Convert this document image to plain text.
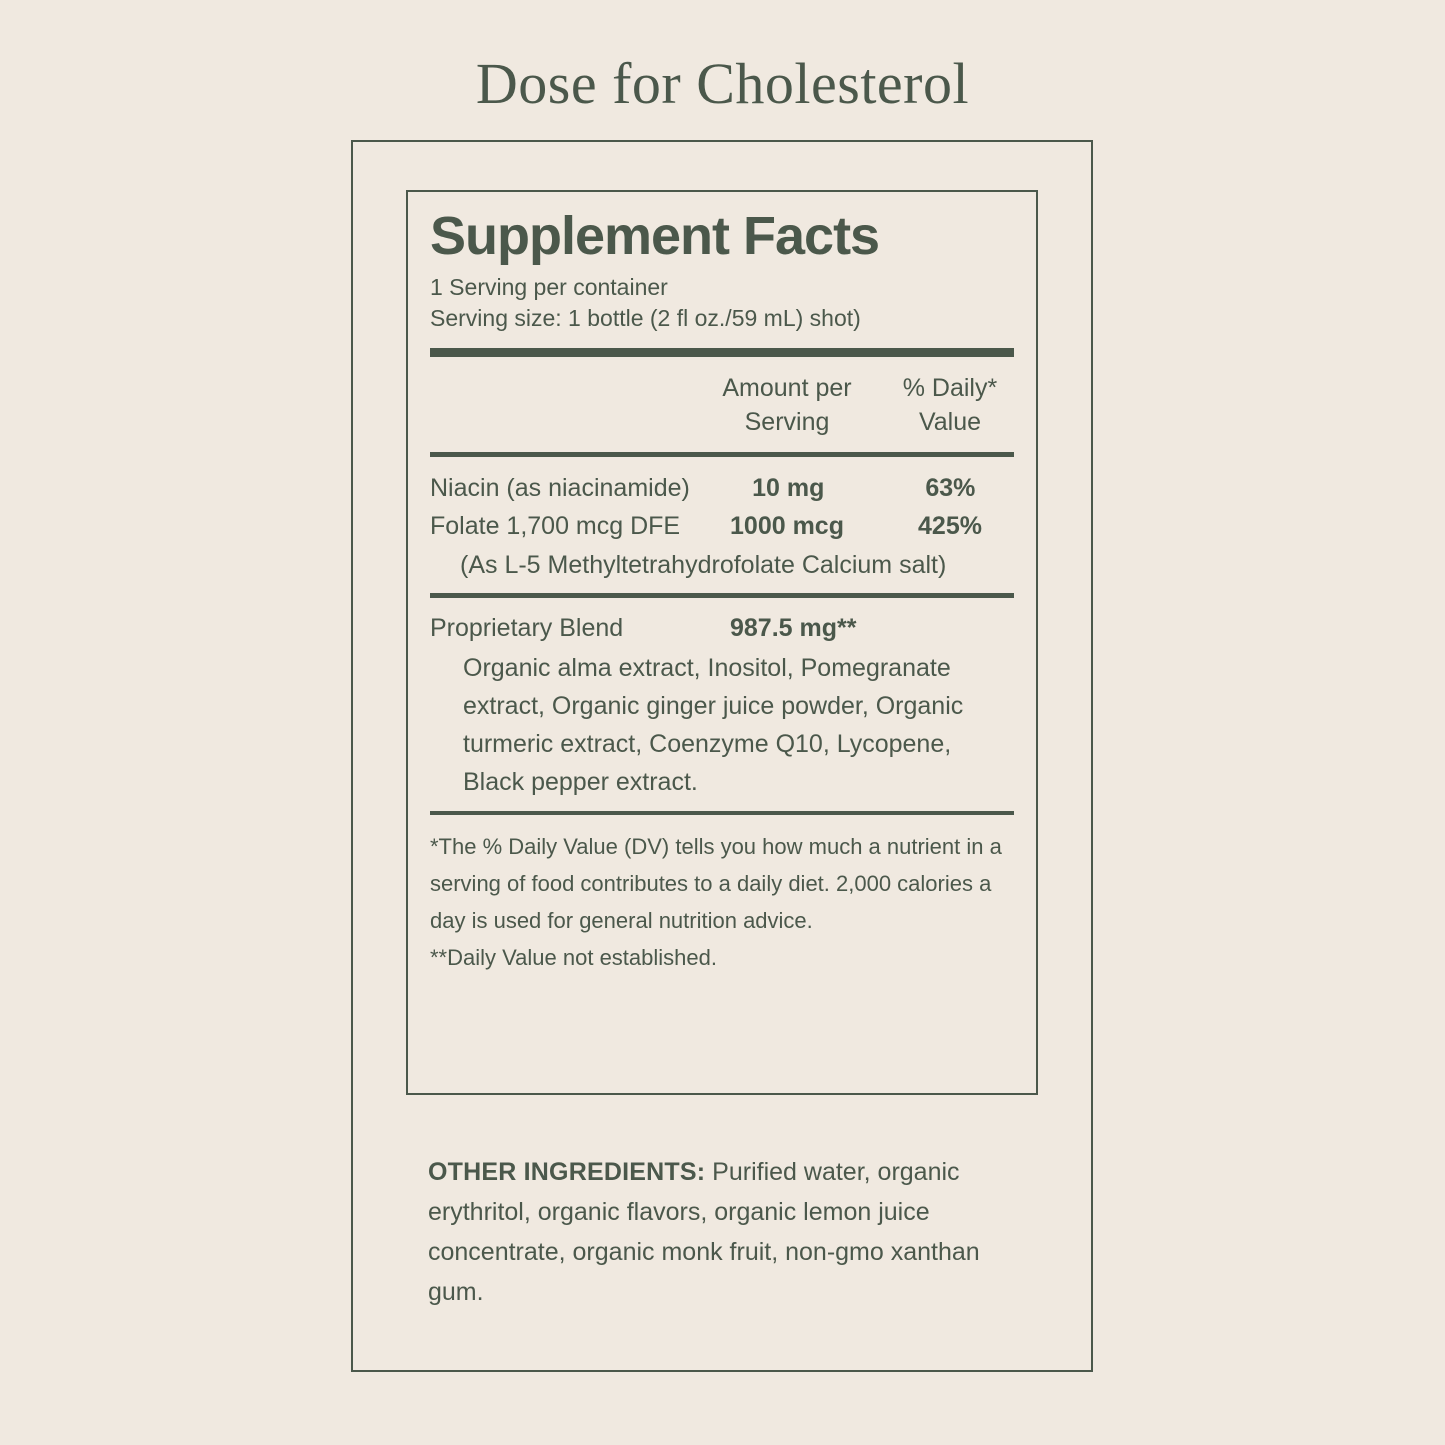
Dose for Cholesterol
Supplement Facts
1 Serving per container
Serving size: 1 bottle (2 fl oz./59 mL) shot)
Amount per
Serving
% Daily*
Value
Niacin (as niacinamide)	10 mg	63%
Folate 1,700 mcg DFE	1000 mcg	425%
(As L-5 Methyltetrahydrofolate Calcium salt)
Proprietary Blend	987.5 mg**
Organic alma extract, Inositol, Pomegranate extract, Organic ginger juice powder, Organic turmeric extract, Coenzyme Q10, Lycopene, Black pepper extract.
*The % Daily Value (DV) tells you how much a nutrient in a serving of food contributes to a daily diet. 2,000 calories a day is used for general nutrition advice.
**Daily Value not established.
OTHER INGREDIENTS: Purified water, organic erythritol, organic flavors, organic lemon juice concentrate, organic monk fruit, non-gmo xanthan gum.
